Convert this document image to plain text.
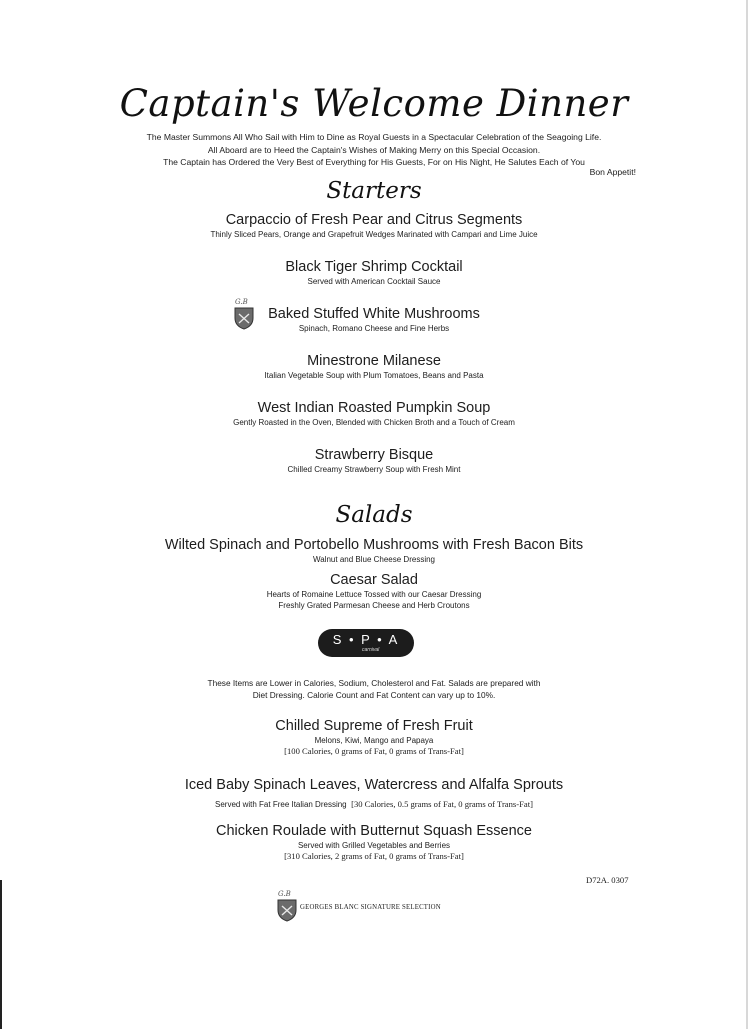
Captain's Welcome Dinner
The Master Summons All Who Sail with Him to Dine as Royal Guests in a Spectacular Celebration of the Seagoing Life.
All Aboard are to Heed the Captain's Wishes of Making Merry on this Special Occasion.
The Captain has Ordered the Very Best of Everything for His Guests, For on His Night, He Salutes Each of You
Bon Appetit!
Starters
Carpaccio of Fresh Pear and Citrus Segments
Thinly Sliced Pears, Orange and Grapefruit Wedges Marinated with Campari and Lime Juice
Black Tiger Shrimp Cocktail
Served with American Cocktail Sauce
G.B
Baked Stuffed White Mushrooms
Spinach, Romano Cheese and Fine Herbs
Minestrone Milanese
Italian Vegetable Soup with Plum Tomatoes, Beans and Pasta
West Indian Roasted Pumpkin Soup
Gently Roasted in the Oven, Blended with Chicken Broth and a Touch of Cream
Strawberry Bisque
Chilled Creamy Strawberry Soup with Fresh Mint
Salads
Wilted Spinach and Portobello Mushrooms with Fresh Bacon Bits
Walnut and Blue Cheese Dressing
Caesar Salad
Hearts of Romaine Lettuce Tossed with our Caesar Dressing
Freshly Grated Parmesan Cheese and Herb Croutons
S • P • A
carnival
These Items are Lower in Calories, Sodium, Cholesterol and Fat. Salads are prepared with
Diet Dressing. Calorie Count and Fat Content can vary up to 10%.
Chilled Supreme of Fresh Fruit
Melons, Kiwi, Mango and Papaya
[100 Calories, 0 grams of Fat, 0 grams of Trans-Fat]
Iced Baby Spinach Leaves, Watercress and Alfalfa Sprouts
Served with Fat Free Italian Dressing [30 Calories, 0.5 grams of Fat, 0 grams of Trans-Fat]
Chicken Roulade with Butternut Squash Essence
Served with Grilled Vegetables and Berries
[310 Calories, 2 grams of Fat, 0 grams of Trans-Fat]
D72A. 0307
G.B
GEORGES BLANC SIGNATURE SELECTION
